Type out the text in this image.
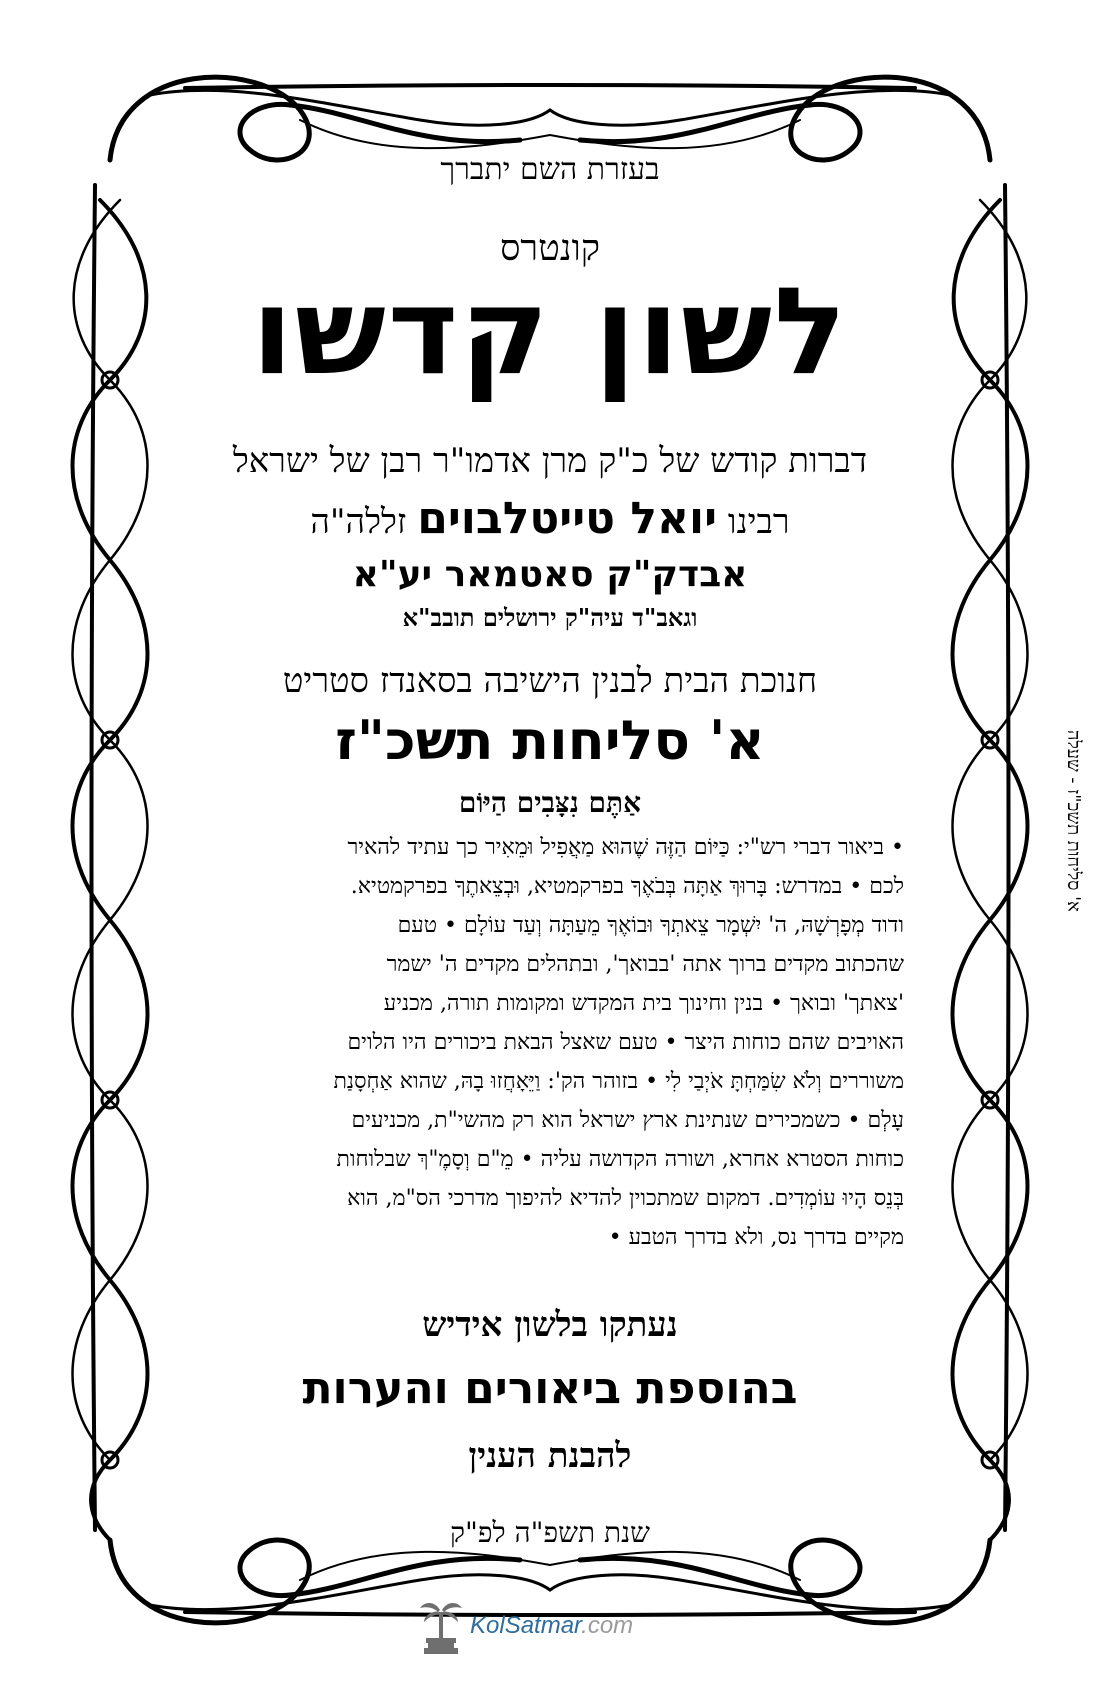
בעזרת השם יתברך
קונטרס
לשון קדשו
דברות קודש של כ"ק מרן אדמו"ר רבן של ישראל
רבינו יואל טייטלבוים זללה"ה
אבדק"ק סאטמאר יע"א
וגאב"ד עיה"ק ירושלים תובב"א
חנוכת הבית לבנין הישיבה בסאנדז סטריט
א' סליחות תשכ"ז
אַתֶּם נִצָּבִים הַיּוֹם
• ביאור דברי רש"י: כַּיּוֹם הַזֶּה שֶׁהוּא מַאֲפִיל וּמֵאִיר כך עתיד להאיר
לכם • במדרש: בָּרוּךְ אַתָּה בְּבֹאֶךָ בפרקמטיא, וּבְצֵאתֶךָ בפרקמטיא.
ודוד מְפָרְשָׁהּ, ה' יִשְׁמָר צֵאתְךָ וּבוֹאֶךָ מֵעַתָּה וְעַד עוֹלָם • טעם
שהכתוב מקדים ברוך אתה 'בבואך', ובתהלים מקדים ה' ישמר
'צאתך' ובואך • בנין וחינוך בית המקדש ומקומות תורה, מכניע
האויבים שהם כוחות היצר • טעם שאצל הבאת ביכורים היו הלוים
משוררים וְלֹא שִׂמַּחְתָּ אֹיְבַי לִי • בזוהר הק': וַיֵּאָחֲזוּ בָהּ, שהוא אַחְסָנַת
עָלְם • כשמכירים שנתינת ארץ ישראל הוא רק מהשי"ת, מכניעים
כוחות הסטרא אחרא, ושורה הקדושה עליה • מֵ"ם וְסָמֶ"ךְ שבלוחות
בְּנֵס הָיוּ עוֹמְדִים. דמקום שמתכוין להדיא להיפוך מדרכי הס"מ, הוא
מקיים בדרך נס, ולא בדרך הטבע •
נעתקו בלשון אידיש
בהוספת ביאורים והערות
להבנת הענין
שנת תשפ"ה לפ"ק
א' סליחות תשכ"ז - שעלה
KolSatmar.com
